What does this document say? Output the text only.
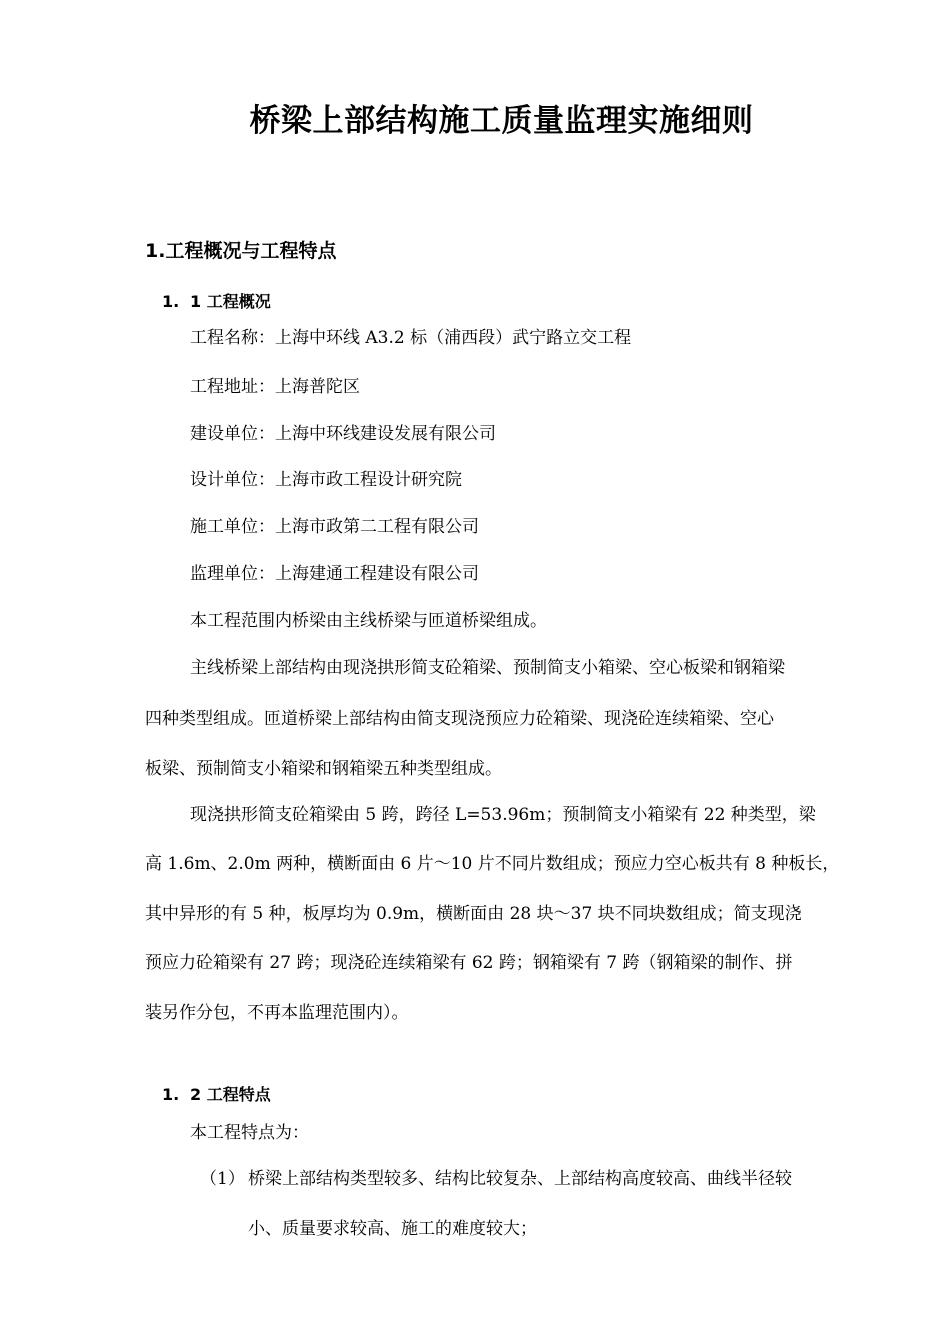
桥梁上部结构施工质量监理实施细则
1.工程概况与工程特点
1. 1 工程概况
工程名称：上海中环线 A3.2 标（浦西段）武宁路立交工程
工程地址：上海普陀区
建设单位：上海中环线建设发展有限公司
设计单位：上海市政工程设计研究院
施工单位：上海市政第二工程有限公司
监理单位：上海建通工程建设有限公司
本工程范围内桥梁由主线桥梁与匝道桥梁组成。
主线桥梁上部结构由现浇拱形简支砼箱梁、预制简支小箱梁、空心板梁和钢箱梁
四种类型组成。匝道桥梁上部结构由简支现浇预应力砼箱梁、现浇砼连续箱梁、空心
板梁、预制简支小箱梁和钢箱梁五种类型组成。
现浇拱形简支砼箱梁由 5 跨，跨径 L=53.96m；预制简支小箱梁有 22 种类型，梁
高 1.6m、2.0m 两种，横断面由 6 片～10 片不同片数组成；预应力空心板共有 8 种板长，
其中异形的有 5 种，板厚均为 0.9m，横断面由 28 块～37 块不同块数组成；简支现浇
预应力砼箱梁有 27 跨；现浇砼连续箱梁有 62 跨；钢箱梁有 7 跨（钢箱梁的制作、拼
装另作分包，不再本监理范围内）。
1. 2 工程特点
本工程特点为：
（1） 桥梁上部结构类型较多、结构比较复杂、上部结构高度较高、曲线半径较
小、质量要求较高、施工的难度较大；
